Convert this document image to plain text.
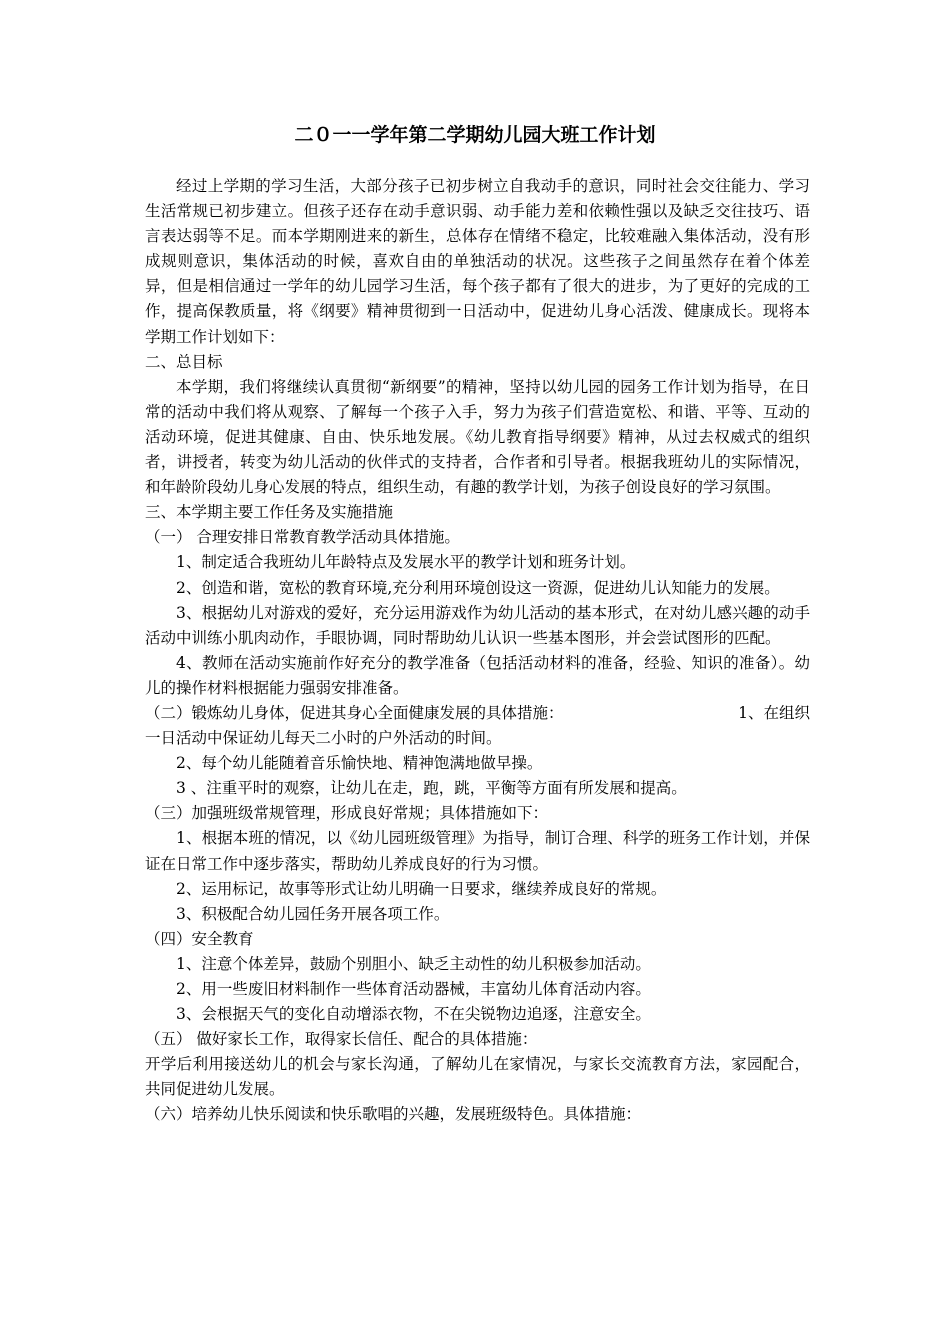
二０一一学年第二学期幼儿园大班工作计划

经过上学期的学习生活，大部分孩子已初步树立自我动手的意识，同时社会交往能力、学习生活常规已初步建立。但孩子还存在动手意识弱、动手能力差和依赖性强以及缺乏交往技巧、语言表达弱等不足。而本学期刚进来的新生，总体存在情绪不稳定，比较难融入集体活动，没有形成规则意识，集体活动的时候，喜欢自由的单独活动的状况。这些孩子之间虽然存在着个体差异，但是相信通过一学年的幼儿园学习生活，每个孩子都有了很大的进步，为了更好的完成的工作，提高保教质量，将《纲要》精神贯彻到一日活动中，促进幼儿身心活泼、健康成长。现将本学期工作计划如下：

二、总目标

本学期，我们将继续认真贯彻“新纲要”的精神，坚持以幼儿园的园务工作计划为指导，在日常的活动中我们将从观察、了解每一个孩子入手，努力为孩子们营造宽松、和谐、平等、互动的活动环境，促进其健康、自由、快乐地发展。《幼儿教育指导纲要》精神，从过去权威式的组织者，讲授者，转变为幼儿活动的伙伴式的支持者，合作者和引导者。根据我班幼儿的实际情况，和年龄阶段幼儿身心发展的特点，组织生动，有趣的教学计划，为孩子创设良好的学习氛围。

三、本学期主要工作任务及实施措施

（一） 合理安排日常教育教学活动具体措施。

1、制定适合我班幼儿年龄特点及发展水平的教学计划和班务计划。

2、创造和谐，宽松的教育环境,充分利用环境创设这一资源，促进幼儿认知能力的发展。

3、根据幼儿对游戏的爱好，充分运用游戏作为幼儿活动的基本形式，在对幼儿感兴趣的动手活动中训练小肌肉动作，手眼协调，同时帮助幼儿认识一些基本图形，并会尝试图形的匹配。

4、教师在活动实施前作好充分的教学准备（包括活动材料的准备，经验、知识的准备）。幼儿的操作材料根据能力强弱安排准备。

（二）锻炼幼儿身体，促进其身心全面健康发展的具体措施：	1、在组织

一日活动中保证幼儿每天二小时的户外活动的时间。

2、每个幼儿能随着音乐愉快地、精神饱满地做早操。

3 、注重平时的观察，让幼儿在走，跑，跳，平衡等方面有所发展和提高。

（三）加强班级常规管理，形成良好常规；具体措施如下：

1、根据本班的情况，以《幼儿园班级管理》为指导，制订合理、科学的班务工作计划，并保证在日常工作中逐步落实，帮助幼儿养成良好的行为习惯。

2、运用标记，故事等形式让幼儿明确一日要求，继续养成良好的常规。

3、积极配合幼儿园任务开展各项工作。

（四）安全教育

1、注意个体差异，鼓励个别胆小、缺乏主动性的幼儿积极参加活动。

2、用一些废旧材料制作一些体育活动器械，丰富幼儿体育活动内容。

3、会根据天气的变化自动增添衣物，不在尖锐物边追逐，注意安全。

（五） 做好家长工作，取得家长信任、配合的具体措施：

开学后利用接送幼儿的机会与家长沟通，了解幼儿在家情况，与家长交流教育方法，家园配合，共同促进幼儿发展。

（六）培养幼儿快乐阅读和快乐歌唱的兴趣，发展班级特色。具体措施：
